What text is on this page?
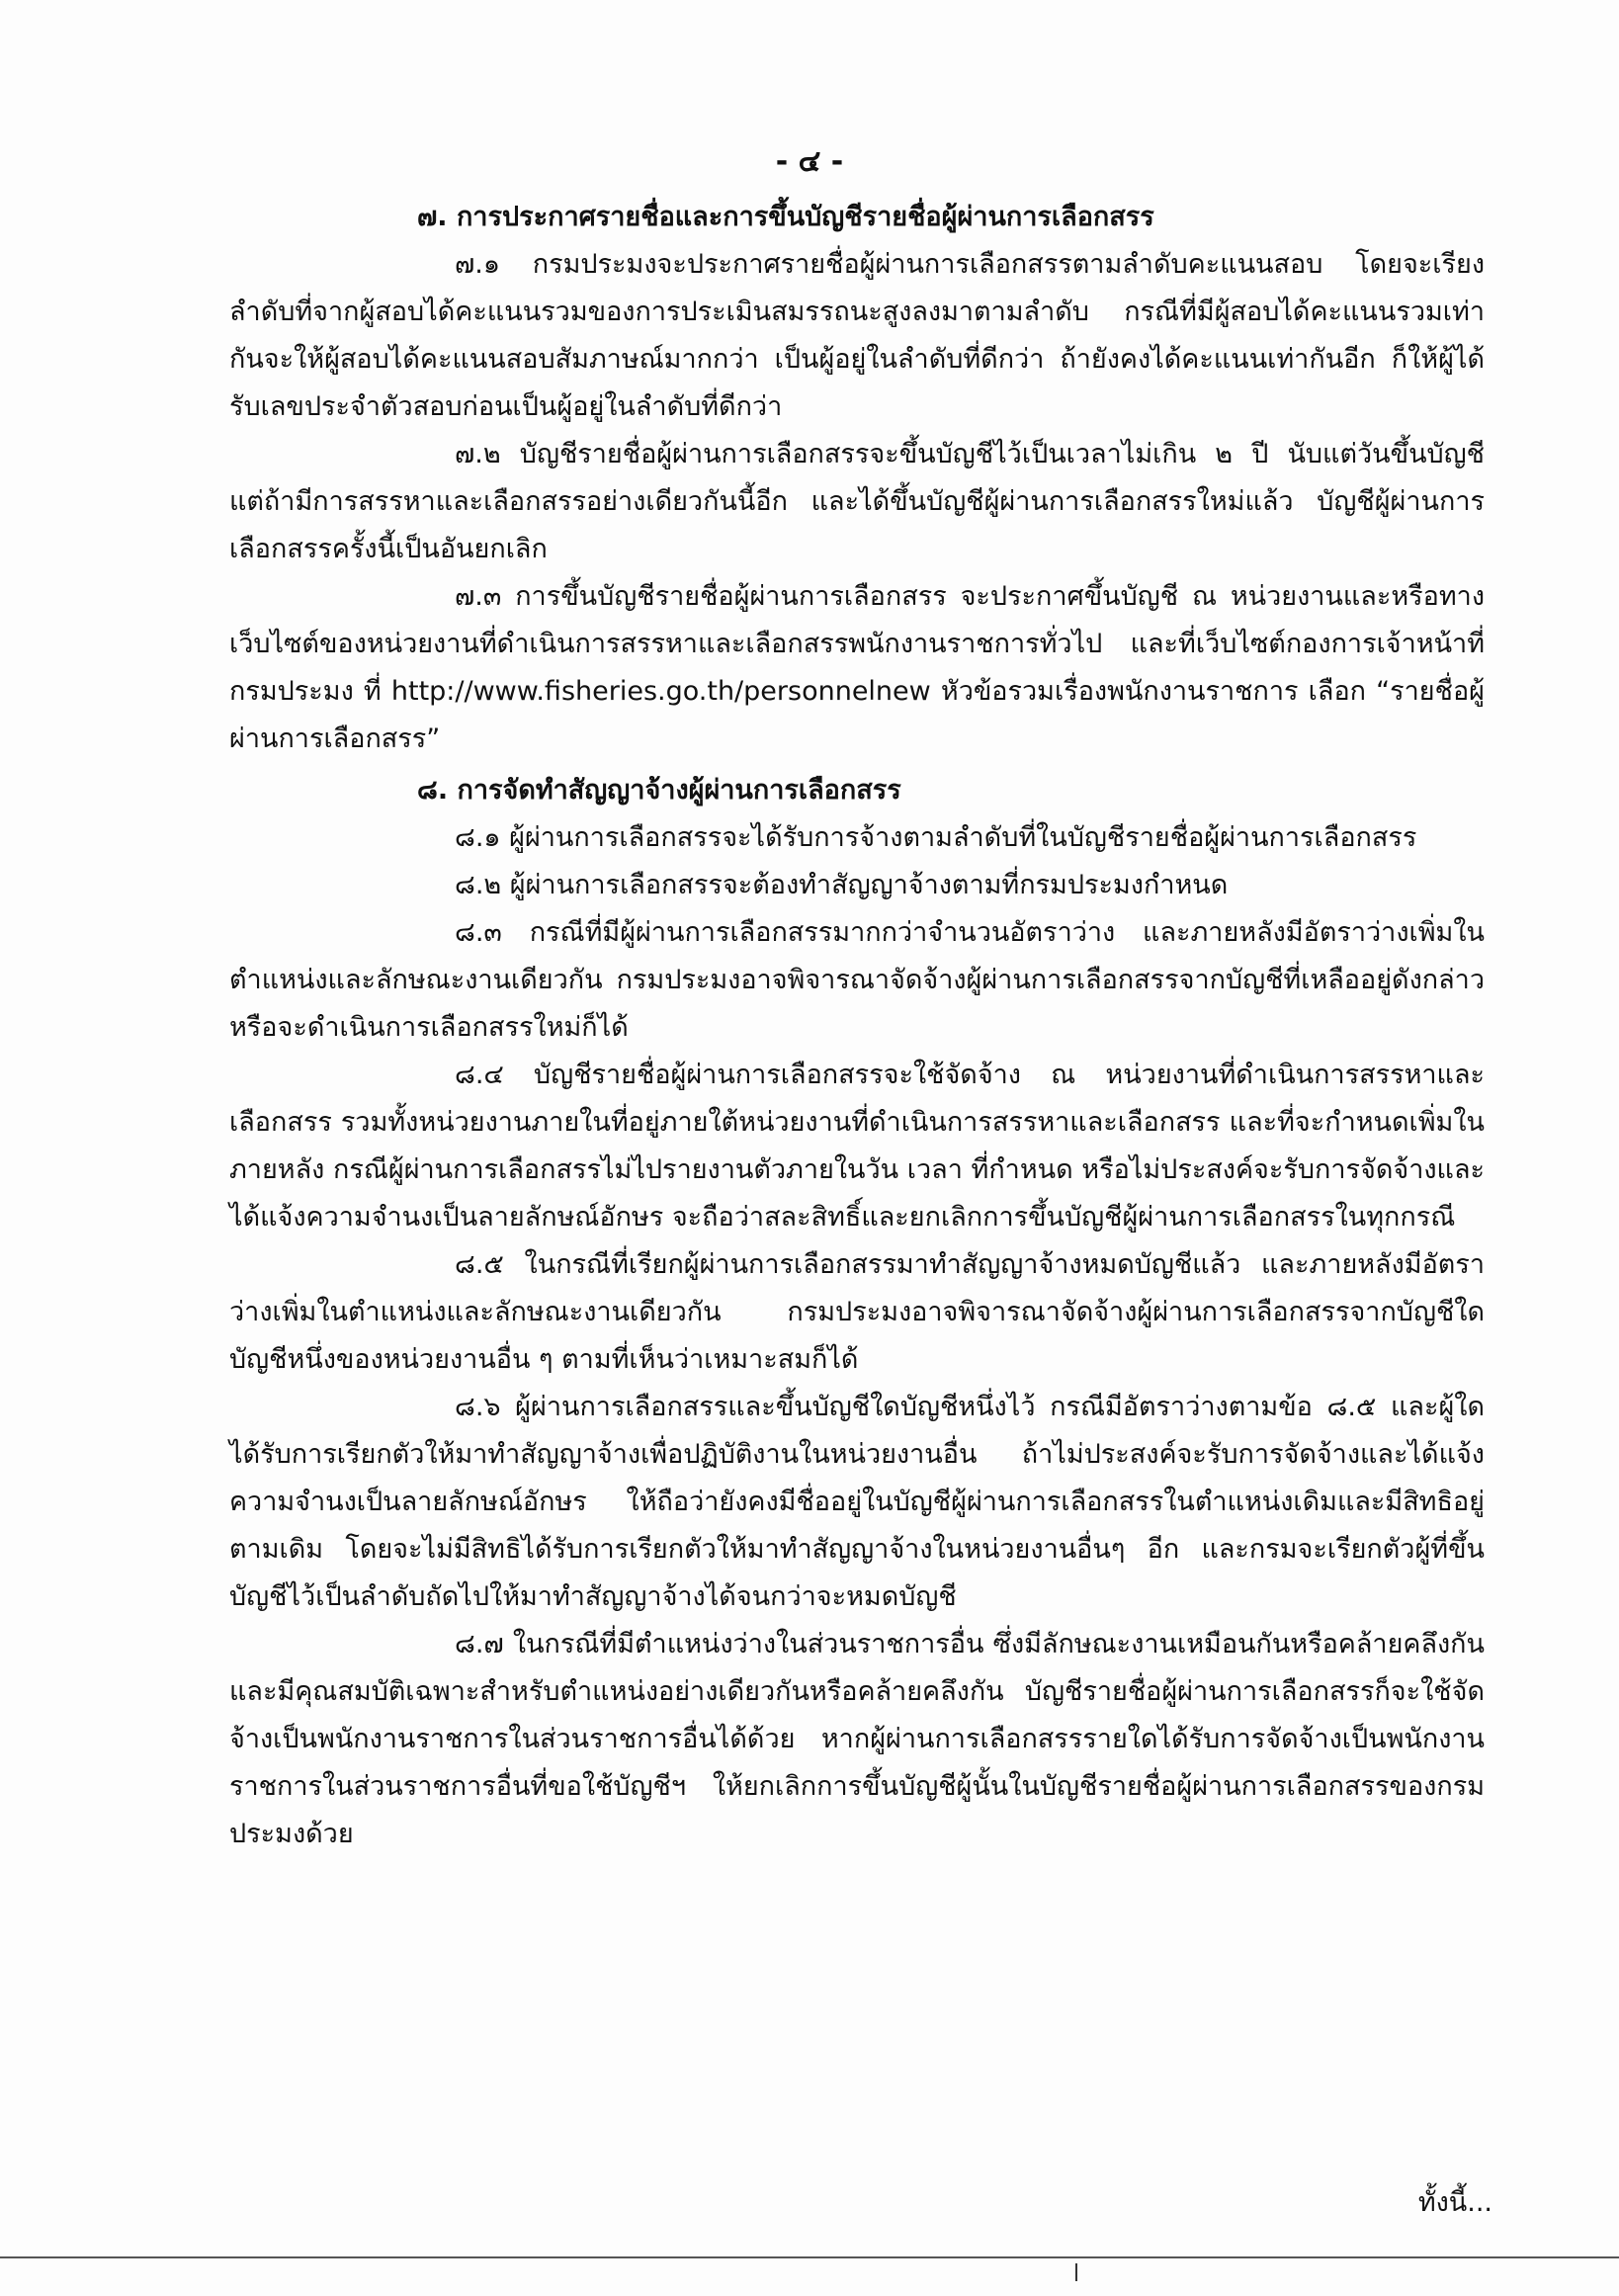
- ๔ -

๗. การประกาศรายชื่อและการขึ้นบัญชีรายชื่อผู้ผ่านการเลือกสรร

๗.๑ กรมประมงจะประกาศรายชื่อผู้ผ่านการเลือกสรรตามลำดับคะแนนสอบ โดยจะเรียงลำดับที่จากผู้สอบได้คะแนนรวมของการประเมินสมรรถนะสูงลงมาตามลำดับ กรณีที่มีผู้สอบได้คะแนนรวมเท่ากันจะให้ผู้สอบได้คะแนนสอบสัมภาษณ์มากกว่า เป็นผู้อยู่ในลำดับที่ดีกว่า ถ้ายังคงได้คะแนนเท่ากันอีก ก็ให้ผู้ได้รับเลขประจำตัวสอบก่อนเป็นผู้อยู่ในลำดับที่ดีกว่า

๗.๒ บัญชีรายชื่อผู้ผ่านการเลือกสรรจะขึ้นบัญชีไว้เป็นเวลาไม่เกิน ๒ ปี นับแต่วันขึ้นบัญชี แต่ถ้ามีการสรรหาและเลือกสรรอย่างเดียวกันนี้อีก และได้ขึ้นบัญชีผู้ผ่านการเลือกสรรใหม่แล้ว บัญชีผู้ผ่านการเลือกสรรครั้งนี้เป็นอันยกเลิก

๗.๓ การขึ้นบัญชีรายชื่อผู้ผ่านการเลือกสรร จะประกาศขึ้นบัญชี ณ หน่วยงานและหรือทางเว็บไซต์ของหน่วยงานที่ดำเนินการสรรหาและเลือกสรรพนักงานราชการทั่วไป และที่เว็บไซต์กองการเจ้าหน้าที่ กรมประมง ที่ http://www.fisheries.go.th/personnelnew หัวข้อรวมเรื่องพนักงานราชการ เลือก “รายชื่อผู้ผ่านการเลือกสรร”

๘. การจัดทำสัญญาจ้างผู้ผ่านการเลือกสรร

๘.๑ ผู้ผ่านการเลือกสรรจะได้รับการจ้างตามลำดับที่ในบัญชีรายชื่อผู้ผ่านการเลือกสรร

๘.๒ ผู้ผ่านการเลือกสรรจะต้องทำสัญญาจ้างตามที่กรมประมงกำหนด

๘.๓ กรณีที่มีผู้ผ่านการเลือกสรรมากกว่าจำนวนอัตราว่าง และภายหลังมีอัตราว่างเพิ่มในตำแหน่งและลักษณะงานเดียวกัน กรมประมงอาจพิจารณาจัดจ้างผู้ผ่านการเลือกสรรจากบัญชีที่เหลืออยู่ดังกล่าว หรือจะดำเนินการเลือกสรรใหม่ก็ได้

๘.๔ บัญชีรายชื่อผู้ผ่านการเลือกสรรจะใช้จัดจ้าง ณ หน่วยงานที่ดำเนินการสรรหาและเลือกสรร รวมทั้งหน่วยงานภายในที่อยู่ภายใต้หน่วยงานที่ดำเนินการสรรหาและเลือกสรร และที่จะกำหนดเพิ่มในภายหลัง กรณีผู้ผ่านการเลือกสรรไม่ไปรายงานตัวภายในวัน เวลา ที่กำหนด หรือไม่ประสงค์จะรับการจัดจ้างและได้แจ้งความจำนงเป็นลายลักษณ์อักษร จะถือว่าสละสิทธิ์และยกเลิกการขึ้นบัญชีผู้ผ่านการเลือกสรรในทุกกรณี

๘.๕ ในกรณีที่เรียกผู้ผ่านการเลือกสรรมาทำสัญญาจ้างหมดบัญชีแล้ว และภายหลังมีอัตราว่างเพิ่มในตำแหน่งและลักษณะงานเดียวกัน กรมประมงอาจพิจารณาจัดจ้างผู้ผ่านการเลือกสรรจากบัญชีใดบัญชีหนึ่งของหน่วยงานอื่น ๆ ตามที่เห็นว่าเหมาะสมก็ได้

๘.๖ ผู้ผ่านการเลือกสรรและขึ้นบัญชีใดบัญชีหนึ่งไว้ กรณีมีอัตราว่างตามข้อ ๘.๕ และผู้ใดได้รับการเรียกตัวให้มาทำสัญญาจ้างเพื่อปฏิบัติงานในหน่วยงานอื่น ถ้าไม่ประสงค์จะรับการจัดจ้างและได้แจ้งความจำนงเป็นลายลักษณ์อักษร ให้ถือว่ายังคงมีชื่ออยู่ในบัญชีผู้ผ่านการเลือกสรรในตำแหน่งเดิมและมีสิทธิอยู่ตามเดิม โดยจะไม่มีสิทธิได้รับการเรียกตัวให้มาทำสัญญาจ้างในหน่วยงานอื่นๆ อีก และกรมจะเรียกตัวผู้ที่ขึ้นบัญชีไว้เป็นลำดับถัดไปให้มาทำสัญญาจ้างได้จนกว่าจะหมดบัญชี

๘.๗ ในกรณีที่มีตำแหน่งว่างในส่วนราชการอื่น ซึ่งมีลักษณะงานเหมือนกันหรือคล้ายคลึงกัน และมีคุณสมบัติเฉพาะสำหรับตำแหน่งอย่างเดียวกันหรือคล้ายคลึงกัน บัญชีรายชื่อผู้ผ่านการเลือกสรรก็จะใช้จัดจ้างเป็นพนักงานราชการในส่วนราชการอื่นได้ด้วย หากผู้ผ่านการเลือกสรรรายใดได้รับการจัดจ้างเป็นพนักงานราชการในส่วนราชการอื่นที่ขอใช้บัญชีฯ ให้ยกเลิกการขึ้นบัญชีผู้นั้นในบัญชีรายชื่อผู้ผ่านการเลือกสรรของกรมประมงด้วย

ทั้งนี้...
